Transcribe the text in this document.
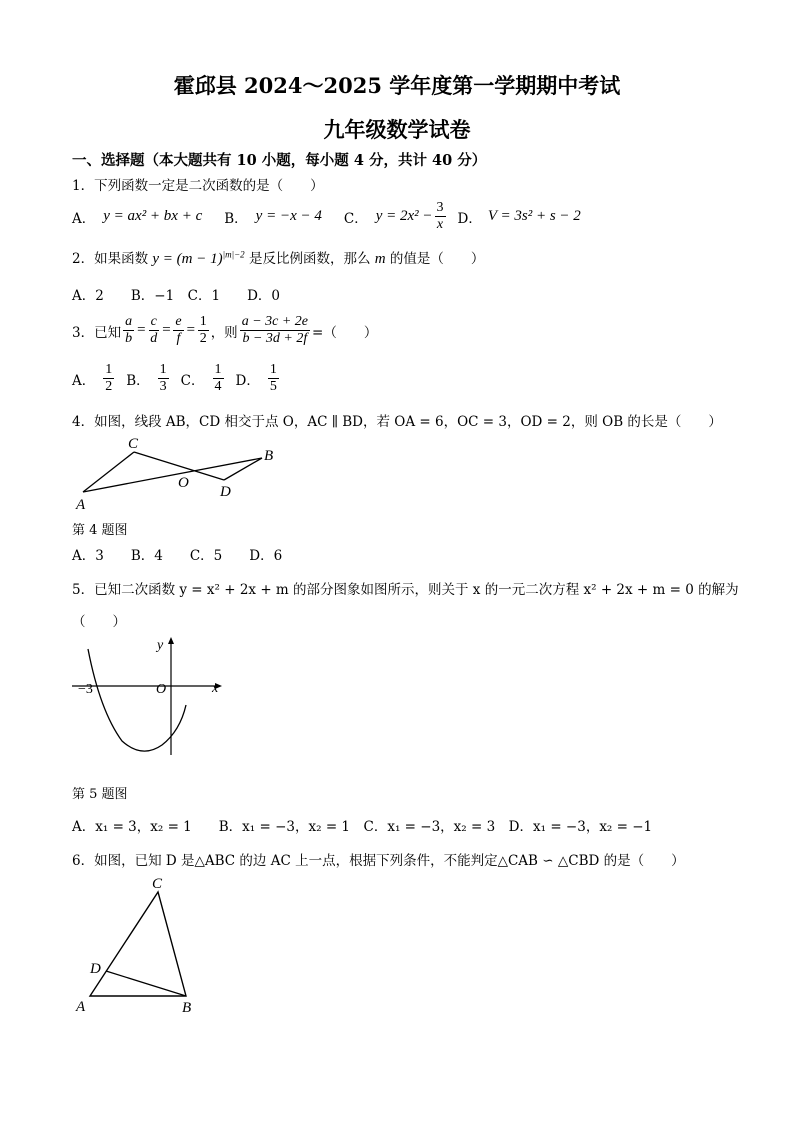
霍邱县 2024～2025 学年度第一学期期中考试
九年级数学试卷
一、选择题（本大题共有 10 小题，每小题 4 分，共计 40 分）
1．下列函数一定是二次函数的是（　　）
A． y = ax² + bx + c B． y = −x − 4 C． $y = 2x^2 - \frac{3}{x}$ D． V = 3s² + s − 2
2．如果函数 $y = (m - 1)^{|m|-2}$ 是反比例函数，那么 m 的值是（　　）
A．2　　B．−1　C．1　　D．0
3．已知 $\frac{a}{b} = \frac{c}{d} = \frac{e}{f} = \frac{1}{2}$ ，则 $\frac{a - 3c + 2e}{b - 3d + 2f}$ =（　　）
A． $\frac{1}{2}$ B． $\frac{1}{3}$ C． $\frac{1}{4}$ D． $\frac{1}{5}$
4．如图，线段 AB，CD 相交于点 O，AC ∥ BD，若 OA = 6，OC = 3，OD = 2，则 OB 的长是（　　）
C
B
O
D
A
第 4 题图
A．3　　B．4　　C．5　　D．6
5．已知二次函数 y = x² + 2x + m 的部分图象如图所示，则关于 x 的一元二次方程 x² + 2x + m = 0 的解为
（　　）
y
x
O
−3
第 5 题图
A．x₁ = 3，x₂ = 1　　B．x₁ = −3，x₂ = 1　C．x₁ = −3，x₂ = 3　D．x₁ = −3，x₂ = −1
6．如图，已知 D 是△ABC 的边 AC 上一点，根据下列条件，不能判定△CAB ∽ △CBD 的是（　　）
C
D
A	B
